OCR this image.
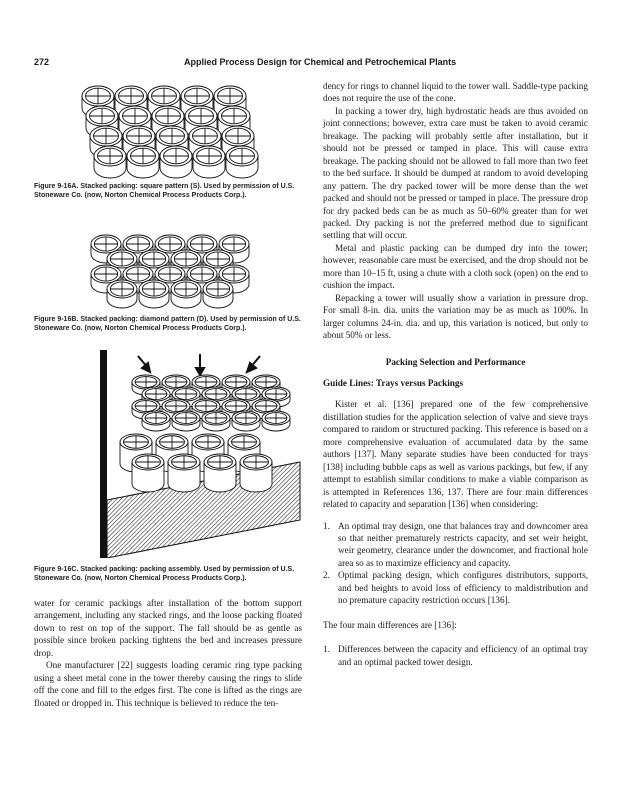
272	Applied Process Design for Chemical and Petrochemical Plants
Figure 9-16A. Stacked packing: square pattern (S). Used by permission of U.S. Stoneware Co. (now, Norton Chemical Process Products Corp.).
Figure 9-16B. Stacked packing: diamond pattern (D). Used by permission of U.S. Stoneware Co. (now, Norton Chemical Process Products Corp.).
Figure 9-16C. Stacked packing: packing assembly. Used by permission of U.S. Stoneware Co. (now, Norton Chemical Process Products Corp.).

water for ceramic packings after installation of the bottom support arrangement, including any stacked rings, and the loose packing floated down to rest on top of the support. The fall should be as gentle as possible since broken packing tightens the bed and increases pressure drop.

One manufacturer [22] suggests loading ceramic ring type packing using a sheet metal cone in the tower thereby causing the rings to slide off the cone and fill to the edges first. The cone is lifted as the rings are floated or dropped in. This technique is believed to reduce the ten-

dency for rings to channel liquid to the tower wall. Saddle-type packing does not require the use of the cone.

In packing a tower dry, high hydrostatic heads are thus avoided on joint connections; however, extra care must be taken to avoid ceramic breakage. The packing will probably settle after installation, but it should not be pressed or tamped in place. This will cause extra breakage. The packing should not be allowed to fall more than two feet to the bed surface. It should be dumped at random to avoid developing any pattern. The dry packed tower will be more dense than the wet packed and should not be pressed or tamped in place. The pressure drop for dry packed beds can be as much as 50–60% greater than for wet packed. Dry packing is not the preferred method due to significant settling that will occur.

Metal and plastic packing can be dumped dry into the tower; however, reasonable care must be exercised, and the drop should not be more than 10–15 ft, using a chute with a cloth sock (open) on the end to cushion the impact.

Repacking a tower will usually show a variation in pressure drop. For small 8-in. dia. units the variation may be as much as 100%. In larger columns 24-in. dia. and up, this variation is noticed, but only to about 50% or less.

Packing Selection and Performance
Guide Lines: Trays versus Packings

Kister et al. [136] prepared one of the few comprehensive distillation studies for the application selection of valve and sieve trays compared to random or structured packing. This reference is based on a more comprehensive evaluation of accumulated data by the same authors [137]. Many separate studies have been conducted for trays [138] including bubble caps as well as various packings, but few, if any attempt to establish similar conditions to make a viable comparison as is attempted in References 136, 137. There are four main differences related to capacity and separation [136] when considering:

1. An optimal tray design, one that balances tray and downcomer area so that neither prematurely restricts capacity, and set weir height, weir geometry, clearance under the downcomer, and fractional hole area so as to maximize efficiency and capacity.
2. Optimal packing design, which configures distributors, supports, and bed heights to avoid loss of efficiency to maldistribution and no premature capacity restriction occurs [136].

The four main differences are [136]:

1. Differences between the capacity and efficiency of an optimal tray and an optimal packed tower design.
